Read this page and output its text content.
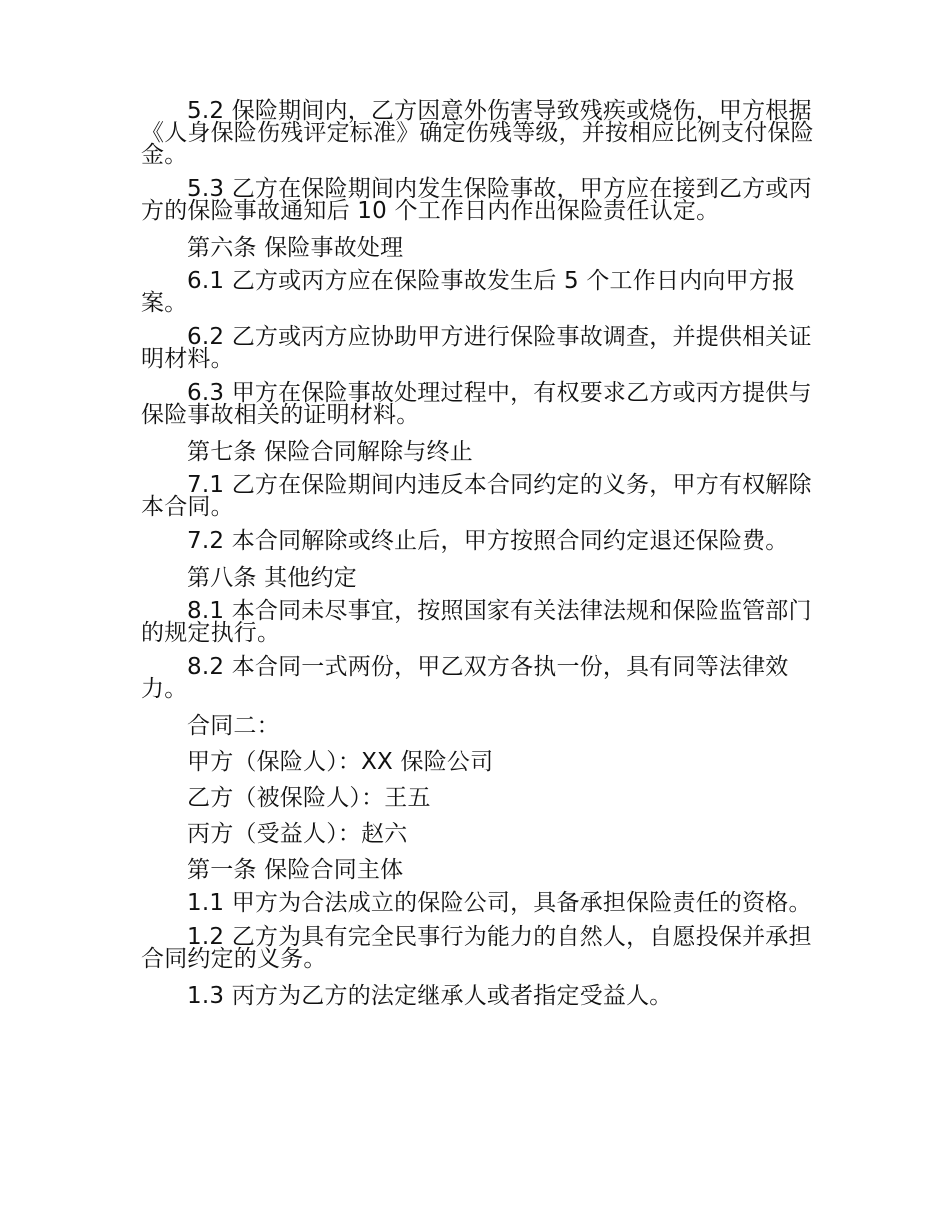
5.2 保险期间内，乙方因意外伤害导致残疾或烧伤，甲方根据《人身保险伤残评定标准》确定伤残等级，并按相应比例支付保险金。

5.3 乙方在保险期间内发生保险事故，甲方应在接到乙方或丙方的保险事故通知后 10 个工作日内作出保险责任认定。

第六条 保险事故处理

6.1 乙方或丙方应在保险事故发生后 5 个工作日内向甲方报案。

6.2 乙方或丙方应协助甲方进行保险事故调查，并提供相关证明材料。

6.3 甲方在保险事故处理过程中，有权要求乙方或丙方提供与保险事故相关的证明材料。

第七条 保险合同解除与终止

7.1 乙方在保险期间内违反本合同约定的义务，甲方有权解除本合同。

7.2 本合同解除或终止后，甲方按照合同约定退还保险费。

第八条 其他约定

8.1 本合同未尽事宜，按照国家有关法律法规和保险监管部门的规定执行。

8.2 本合同一式两份，甲乙双方各执一份，具有同等法律效力。

合同二：

甲方（保险人）：XX 保险公司

乙方（被保险人）：王五

丙方（受益人）：赵六

第一条 保险合同主体

1.1 甲方为合法成立的保险公司，具备承担保险责任的资格。

1.2 乙方为具有完全民事行为能力的自然人，自愿投保并承担合同约定的义务。

1.3 丙方为乙方的法定继承人或者指定受益人。
